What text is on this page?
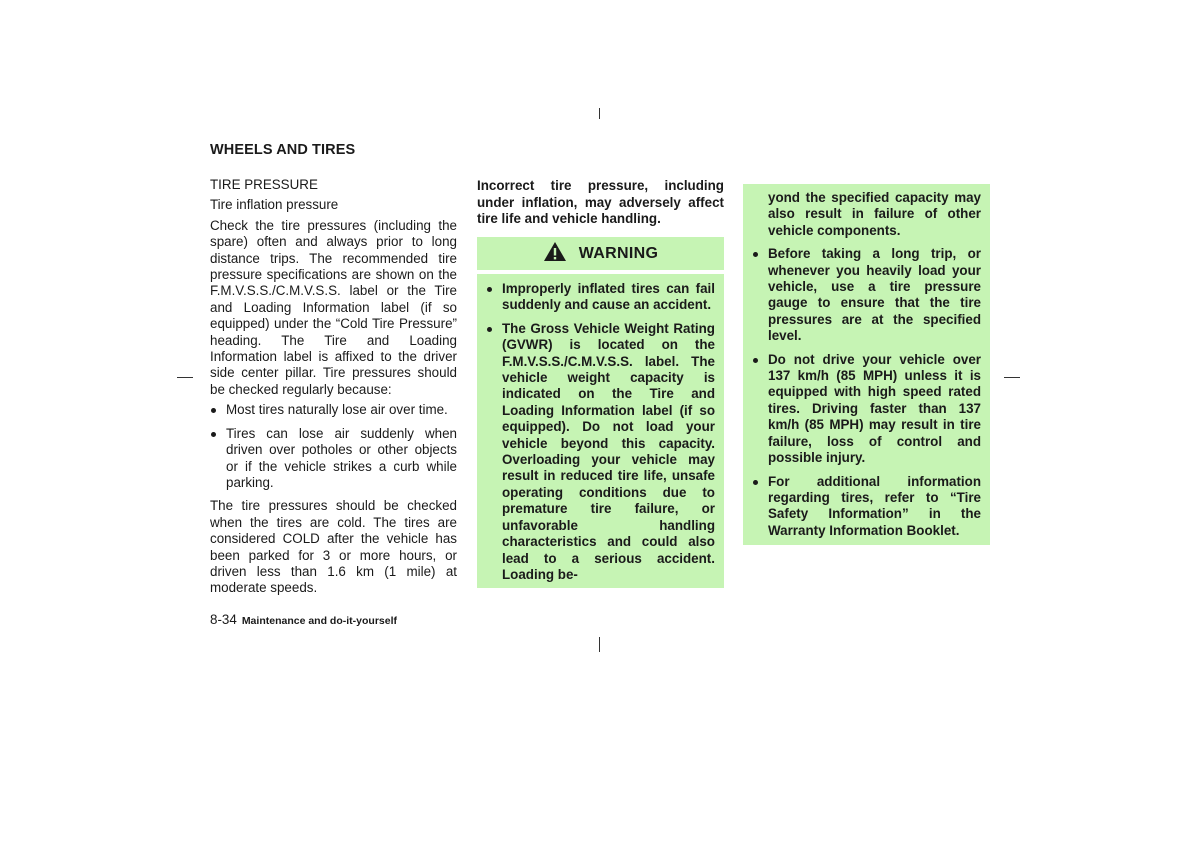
WHEELS AND TIRES
TIRE PRESSURE
Tire inflation pressure

Check the tire pressures (including the spare) often and always prior to long distance trips. The recommended tire pressure specifications are shown on the F.M.V.S.S./C.M.V.S.S. label or the Tire and Loading Information label (if so equipped) under the “Cold Tire Pressure” heading. The Tire and Loading Information label is affixed to the driver side center pillar. Tire pressures should be checked regularly because:

Most tires naturally lose air over time.
Tires can lose air suddenly when driven over potholes or other objects or if the vehicle strikes a curb while parking.

The tire pressures should be checked when the tires are cold. The tires are considered COLD after the vehicle has been parked for 3 or more hours, or driven less than 1.6 km (1 mile) at moderate speeds.

Incorrect tire pressure, including under inflation, may adversely affect tire life and vehicle handling.

WARNING
Improperly inflated tires can fail suddenly and cause an accident.
The Gross Vehicle Weight Rating (GVWR) is located on the F.M.V.S.S./C.M.V.S.S. label. The vehicle weight capacity is indicated on the Tire and Loading Information label (if so equipped). Do not load your vehicle beyond this capacity. Overloading your vehicle may result in reduced tire life, unsafe operating conditions due to premature tire failure, or unfavorable handling characteristics and could also lead to a serious accident. Loading be-
yond the specified capacity may also result in failure of other vehicle components.
Before taking a long trip, or whenever you heavily load your vehicle, use a tire pressure gauge to ensure that the tire pressures are at the specified level.
Do not drive your vehicle over 137 km/h (85 MPH) unless it is equipped with high speed rated tires. Driving faster than 137 km/h (85 MPH) may result in tire failure, loss of control and possible injury.
For additional information regarding tires, refer to “Tire Safety Information” in the Warranty Information Booklet.
8-34 Maintenance and do-it-yourself
